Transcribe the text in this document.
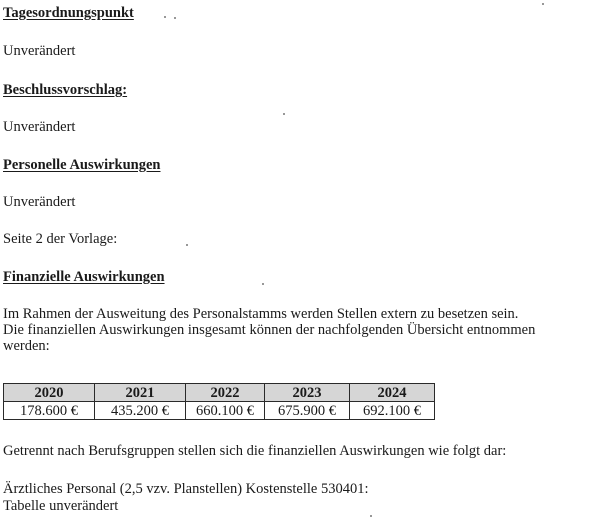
Tagesordnungspunkt
Unverändert
Beschlussvorschlag:
Unverändert
Personelle Auswirkungen
Unverändert
Seite 2 der Vorlage:
Finanzielle Auswirkungen
Im Rahmen der Ausweitung des Personalstamms werden Stellen extern zu besetzen sein.
Die finanziellen Auswirkungen insgesamt können der nachfolgenden Übersicht entnommen
werden:
2020	2021	2022	2023	2024
178.600 €	435.200 €	660.100 €	675.900 €	692.100 €
Getrennt nach Berufsgruppen stellen sich die finanziellen Auswirkungen wie folgt dar:
Ärztliches Personal (2,5 vzv. Planstellen) Kostenstelle 530401:
Tabelle unverändert
